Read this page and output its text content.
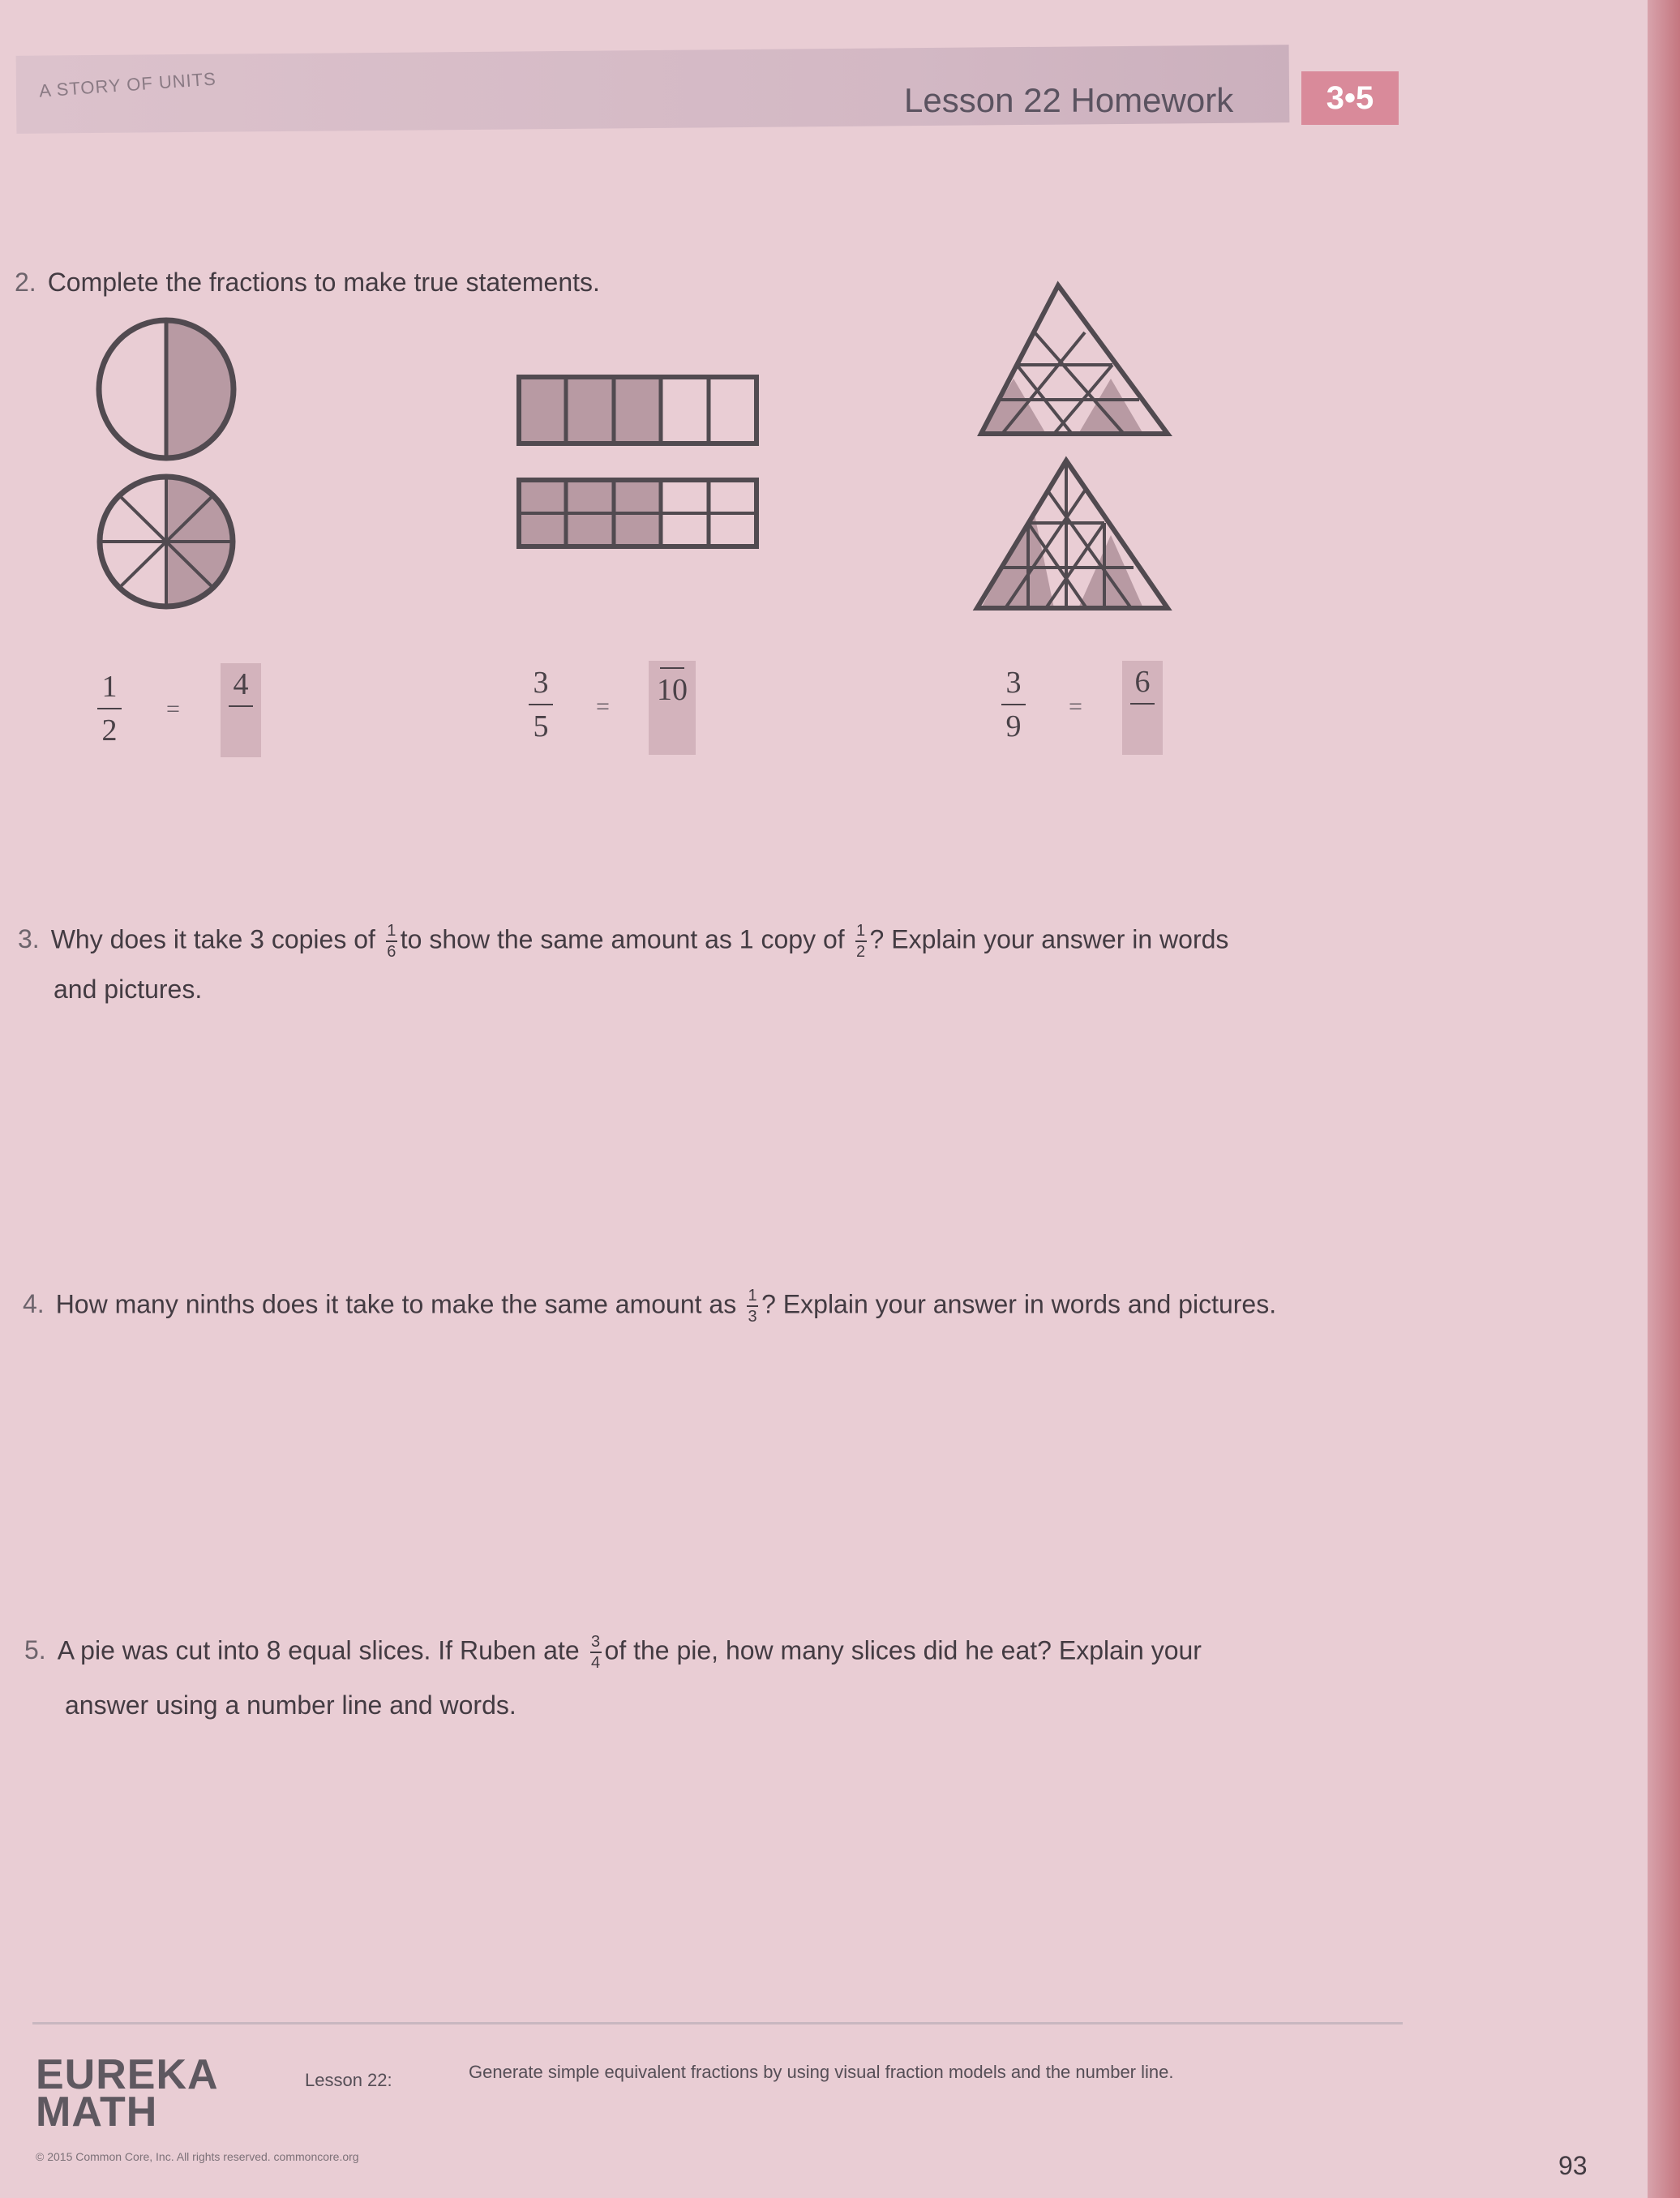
A STORY OF UNITS	Lesson 22 Homework	3•5
2. Complete the fractions to make true statements.
1
2
=
4	3
5
= 10	3
9
=
6
3. Why does it take 3 copies of $\frac{1}{6}$ to show the same amount as 1 copy of $\frac{1}{2}$ ? Explain your answer in words
and pictures.
4. How many ninths does it take to make the same amount as $\frac{1}{3}$ ? Explain your answer in words and pictures.
5. A pie was cut into 8 equal slices. If Ruben ate $\frac{3}{4}$ of the pie, how many slices did he eat? Explain your
answer using a number line and words.
EUREKA
MATH
Lesson 22:	Generate simple equivalent fractions by using visual fraction models and the number line.
© 2015 Common Core, Inc. All rights reserved. commoncore.org	93
